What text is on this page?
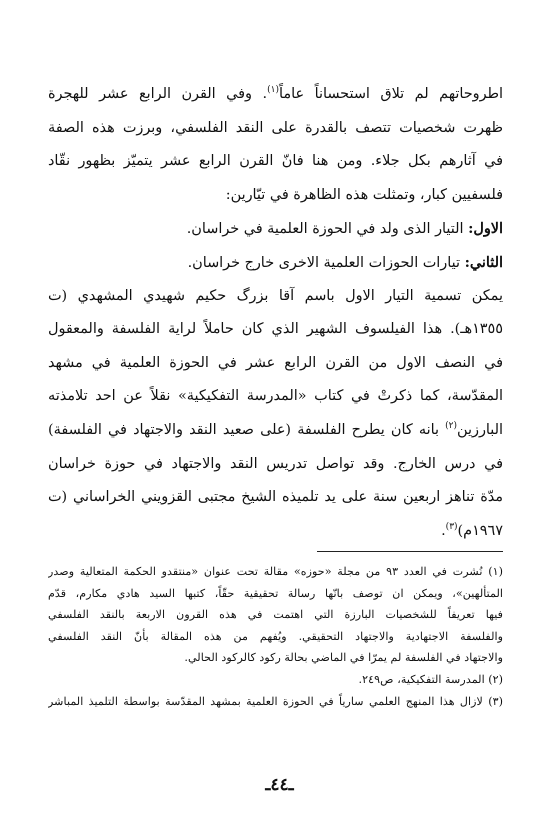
اطروحاتهم لم تلاق استحساناً عاماً$^{(١)}$. وفي القرن الرابع عشر للهجرة
ظهرت شخصيات تتصف بالقدرة على النقد الفلسفي، وبرزت هذه الصفة
في آثارهم بكل جلاء. ومن هنا فانّ القرن الرابع عشر يتميّز بظهور نقّاد
فلسفيين كبار، وتمثلت هذه الظاهرة في تيّارين:
الاول: التيار الذى ولد في الحوزة العلمية في خراسان.
الثاني: تيارات الحوزات العلمية الاخرى خارج خراسان.
يمكن تسمية التيار الاول باسم آقا بزرگ حكيم شهيدي المشهدي (ت
١٣٥٥هـ). هذا الفيلسوف الشهير الذي كان حاملاً لراية الفلسفة والمعقول
في النصف الاول من القرن الرابع عشر في الحوزة العلمية في مشهد
المقدّسة، كما ذكرتْ في كتاب «المدرسة التفكيكية» نقلاً عن احد تلامذته
البارزين$^{(٢)}$ بانه كان يطرح الفلسفة (على صعيد النقد والاجتهاد في الفلسفة)
في درس الخارج. وقد تواصل تدريس النقد والاجتهاد في حوزة خراسان
مدّة تناهز اربعين سنة على يد تلميذه الشيخ مجتبى القزويني الخراساني (ت
١٩٦٧م)$^{(٣)}$.
(١) نُشرت في العدد ٩٣ من مجلة «حوزه» مقالة تحت عنوان «منتقدو الحكمة المتعالية وصدر
المتألهين»، ويمكن ان توصف بانّها رسالة تحقيقية حقّاً، كتبها السيد هادي مكارم، قدّم
فيها تعريفاً للشخصيات البارزة التي اهتمت في هذه القرون الاربعة بالنقد الفلسفي
والفلسفة الاجتهادية والاجتهاد التحقيقي. ويُفهم من هذه المقالة بأنّ النقد الفلسفي
والاجتهاد في الفلسفة لم يمرّا في الماضي بحالة ركود كالركود الحالي.
(٢) المدرسة التفكيكية، ص٢٤٩.
(٣) لازال هذا المنهج العلمي سارياً في الحوزة العلمية بمشهد المقدّسة بواسطة التلميذ المباشر
ـ٤٤ـ
